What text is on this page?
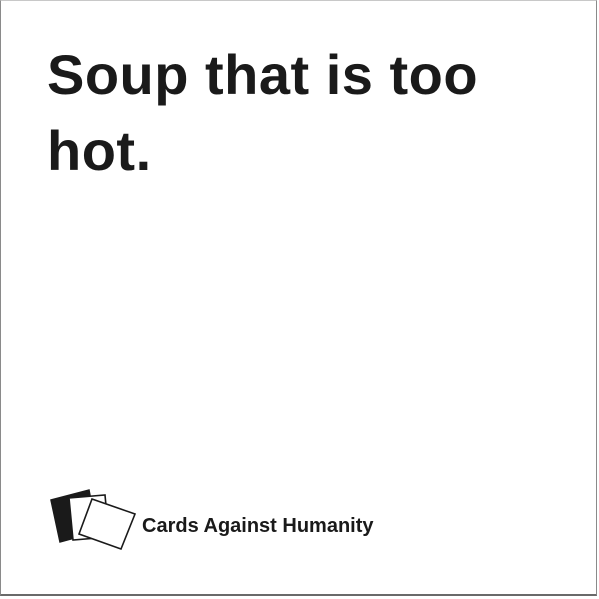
Soup that is too hot.

Cards Against Humanity
